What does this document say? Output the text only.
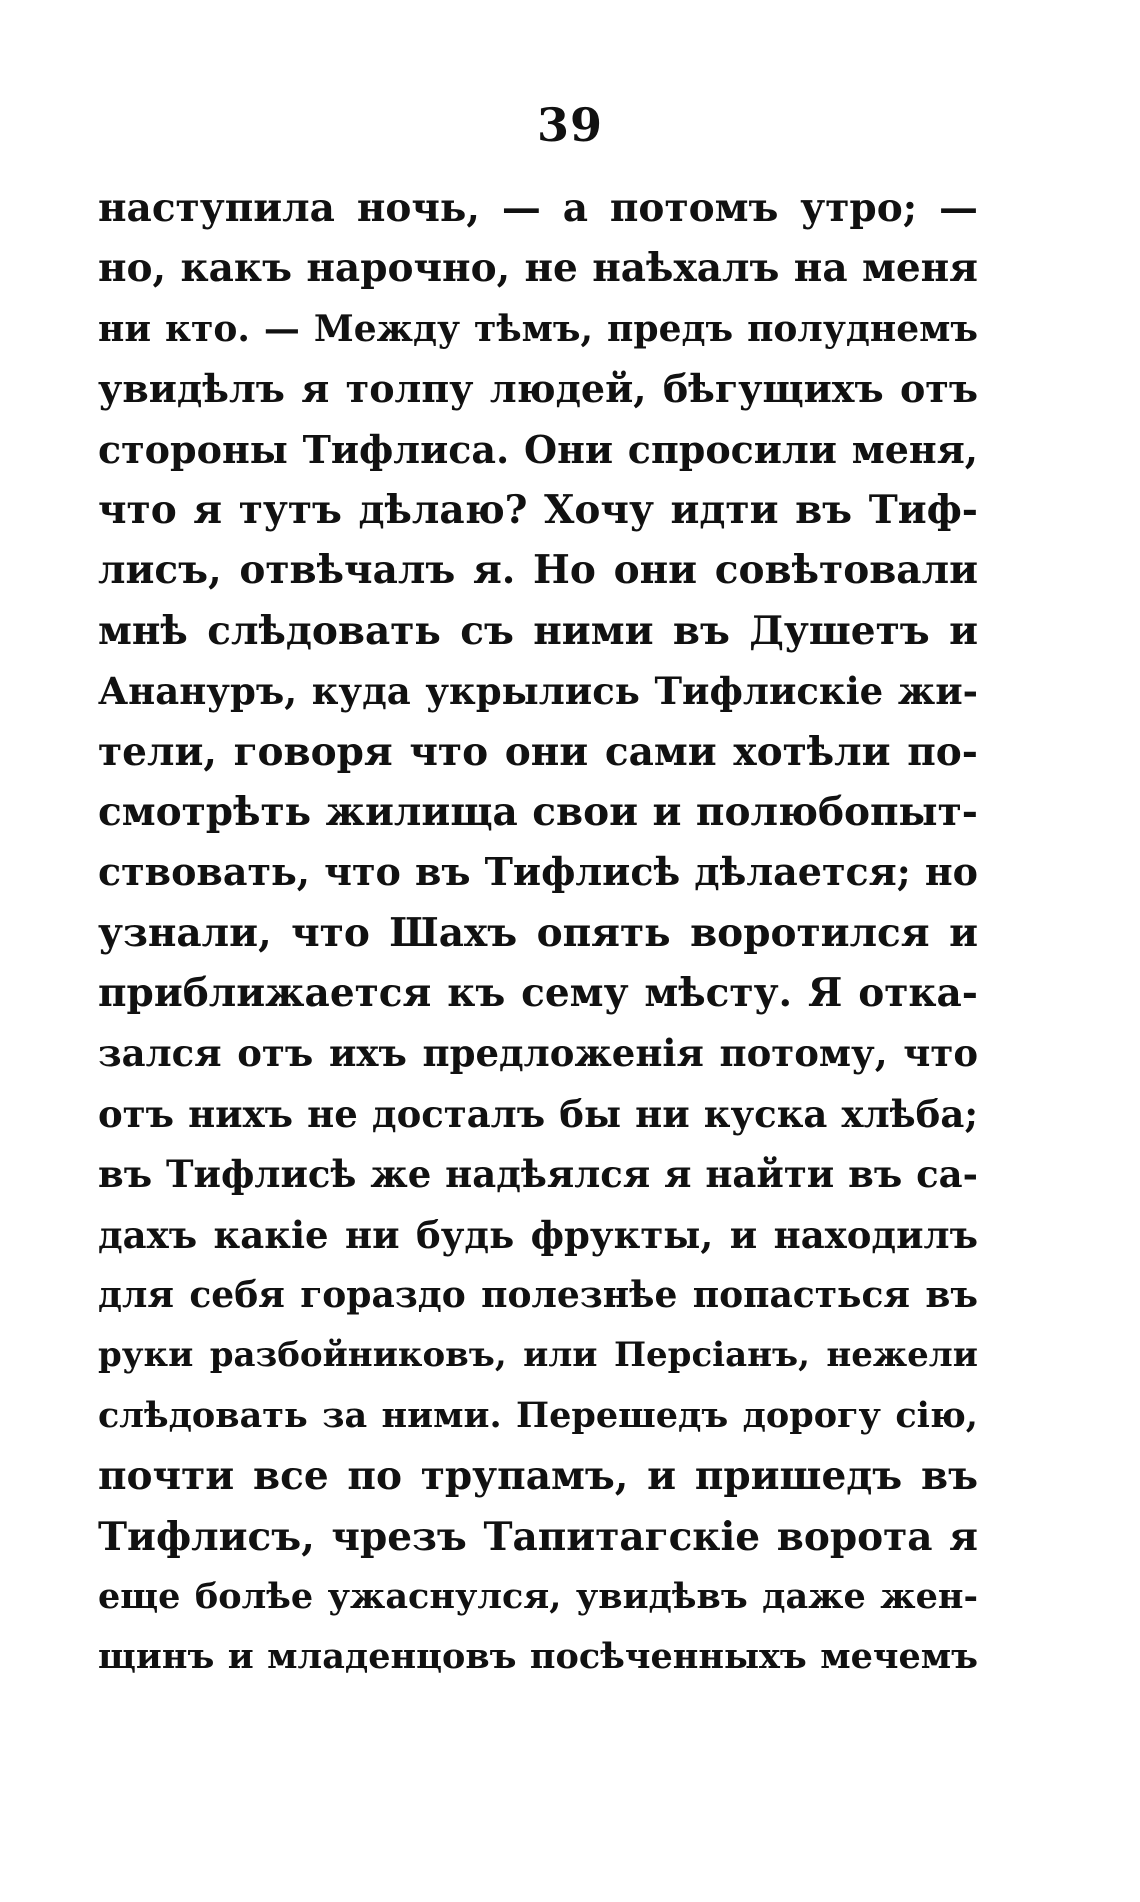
39
наступила ночь, — а потомъ утро; —
но, какъ нарочно, не наѣхалъ на меня
ни кто. — Между тѣмъ, предъ полуднемъ
увидѣлъ я толпу людей, бѣгущихъ отъ
стороны Тифлиса. Они спросили меня,
что я тутъ дѣлаю? Хочу идти въ Тиф-
лисъ, отвѣчалъ я. Но они совѣтовали
мнѣ слѣдовать съ ними въ Душетъ и
Анануръ, куда укрылись Тифлискіе жи-
тели, говоря что они сами хотѣли по-
смотрѣть жилища свои и полюбопыт-
ствовать, что въ Тифлисѣ дѣлается; но
узнали, что Шахъ опять воротился и
приближается къ сему мѣсту. Я отка-
зался отъ ихъ предложенія потому, что
отъ нихъ не досталъ бы ни куска хлѣба;
въ Тифлисѣ же надѣялся я найти въ са-
дахъ какіе ни будь фрукты, и находилъ
для себя гораздо полезнѣе попасться въ
руки разбойниковъ, или Персіанъ, нежели
слѣдовать за ними. Перешедъ дорогу сію,
почти все по трупамъ, и пришедъ въ
Тифлисъ, чрезъ Тапитагскіе ворота я
еще болѣе ужаснулся, увидѣвъ даже жен-
щинъ и младенцовъ посѣченныхъ мечемъ
